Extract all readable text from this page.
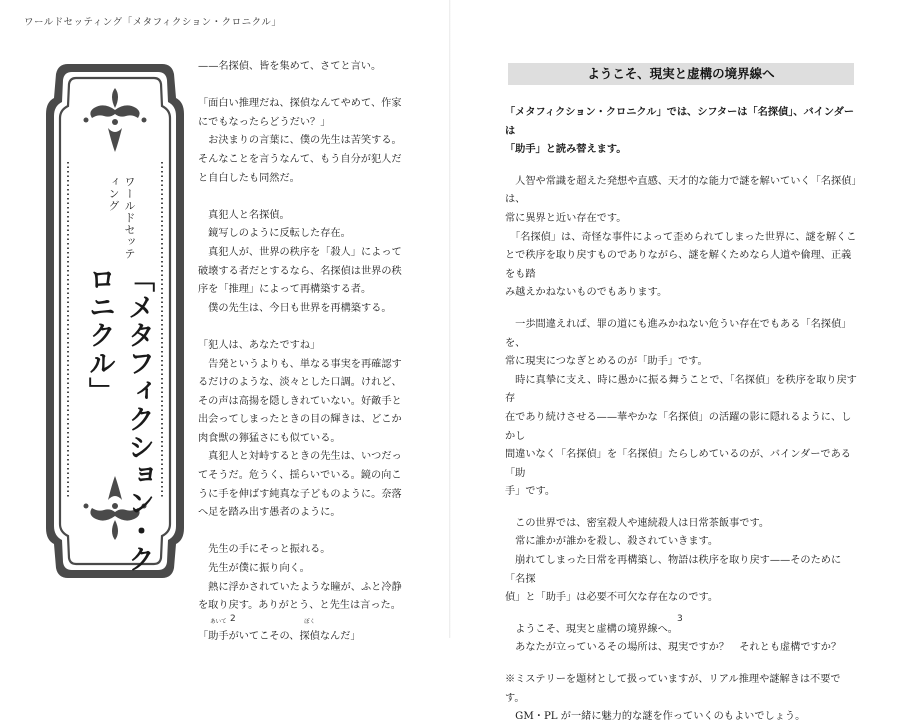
ワールドセッティング「メタフィクション・クロニクル」
ワールドセッティング
「メタフィクション・クロニクル」

——名探偵、皆を集めて、さてと言い。

「面白い推理だね、探偵なんてやめて、作家

にでもなったらどうだい？」

　お決まりの言葉に、僕の先生は苦笑する。

そんなことを言うなんて、もう自分が犯人だ

と自白したも同然だ。

　真犯人と名探偵。

　鏡写しのように反転した存在。

　真犯人が、世界の秩序を「殺人」によって

破壊する者だとするなら、名探偵は世界の秩

序を「推理」によって再構築する者。

　僕の先生は、今日も世界を再構築する。

「犯人は、あなたですね」

　告発というよりも、単なる事実を再確認す

るだけのような、淡々とした口調。けれど、

その声は高揚を隠しきれていない。好敵手と

出会ってしまったときの目の輝きは、どこか

肉食獣の獰猛さにも似ている。

　真犯人と対峙するときの先生は、いつだっ

てそうだ。危うく、揺らいでいる。鏡の向こ

うに手を伸ばす純真な子どものように。奈落

へ足を踏み出す愚者のように。

　先生の手にそっと振れる。

　先生が僕に振り向く。

　熱に浮かされていたような瞳が、ふと冷静

を取り戻す。ありがとう、と先生は言った。

「
あいて
助手がいてこその、
ぼく
探偵なんだ」

2
ようこそ、現実と虚構の境界線へ

「メタフィクション・クロニクル」では、シフターは「名探偵」、バインダーは

「助手」と読み替えます。

　人智や常識を超えた発想や直感、天才的な能力で謎を解いていく「名探偵」は、

常に異界と近い存在です。

　「名探偵」は、奇怪な事件によって歪められてしまった世界に、謎を解くことで秩序を取り戻すものでありながら、謎を解くためなら人道や倫理、正義をも踏

み越えかねないものでもあります。

　一歩間違えれば、罪の道にも進みかねない危うい存在でもある「名探偵」を、

常に現実につなぎとめるのが「助手」です。

　時に真摯に支え、時に愚かに振る舞うことで、「名探偵」を秩序を取り戻す存

在であり続けさせる——華やかな「名探偵」の活躍の影に隠れるように、しかし

間違いなく「名探偵」を「名探偵」たらしめているのが、バインダーである「助

手」です。

　この世界では、密室殺人や連続殺人は日常茶飯事です。

　常に誰かが誰かを殺し、殺されていきます。

　崩れてしまった日常を再構築し、物語は秩序を取り戻す——そのために「名探

偵」と「助手」は必要不可欠な存在なのです。

　ようこそ、現実と虚構の境界線へ。

　あなたが立っているその場所は、現実ですか？　それとも虚構ですか？

※ミステリーを題材として扱っていますが、リアル推理や謎解きは不要です。

　GM・PL が一緒に魅力的な謎を作っていくのもよいでしょう。

3
